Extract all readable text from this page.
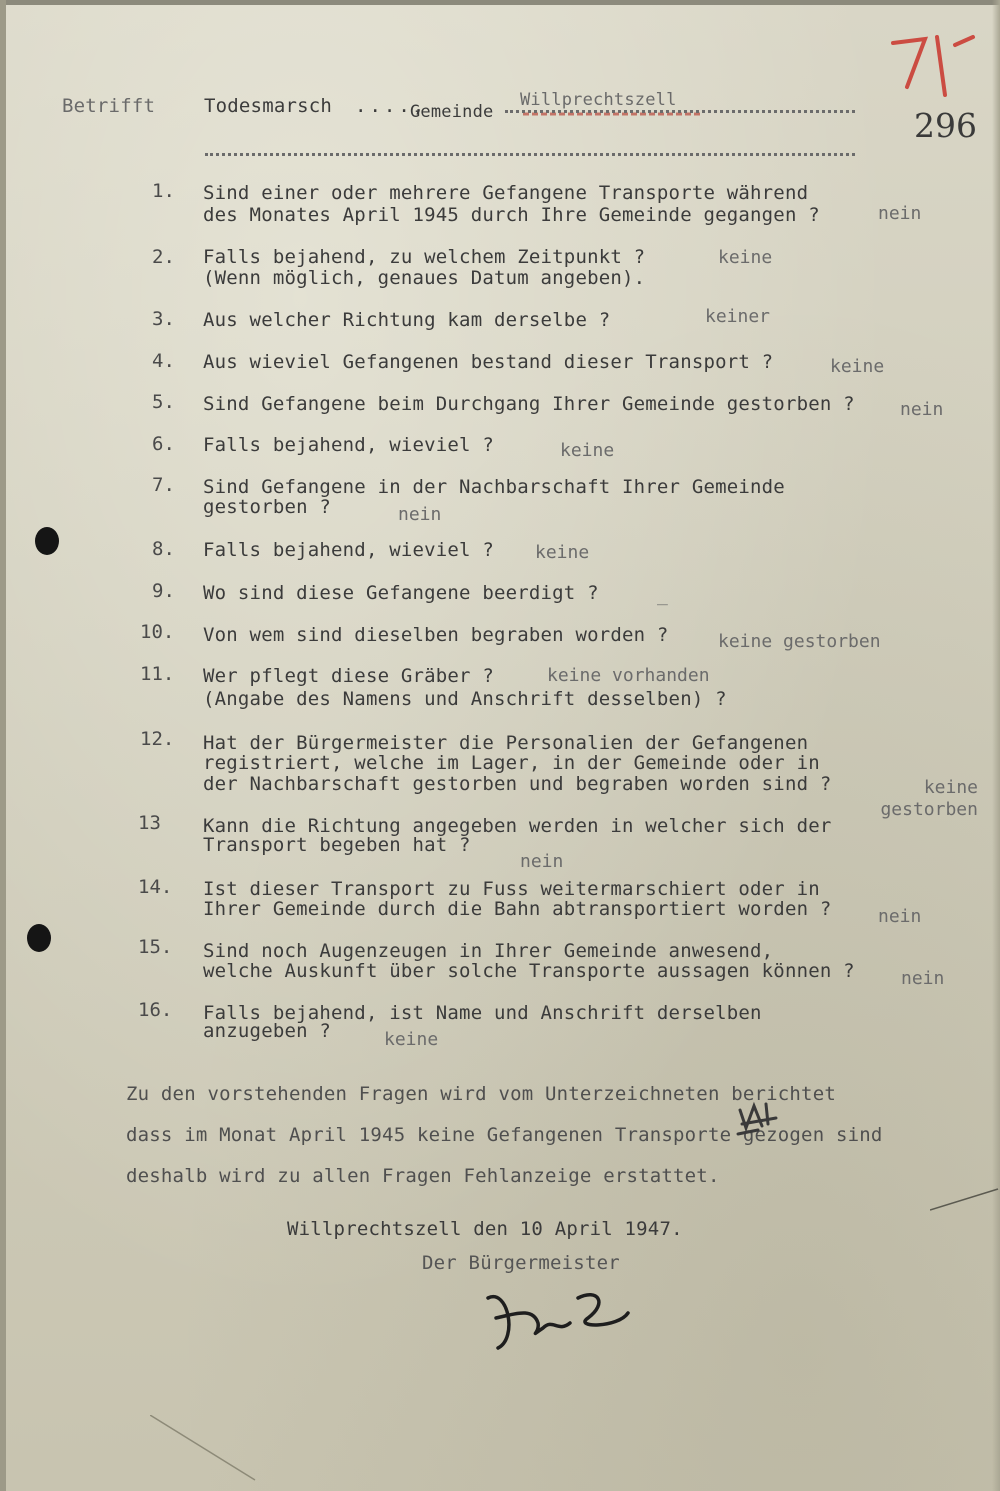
296
Betrifft	Todesmarsch ....,
Gemeinde
Willprechtszell
1. Sind einer oder mehrere Gefangene Transporte während
des Monates April 1945 durch Ihre Gemeinde gegangen ?	nein
2. Falls bejahend, zu welchem Zeitpunkt ?
(Wenn möglich, genaues Datum angeben).
keine
3. Aus welcher Richtung kam derselbe ?	keiner
4. Aus wieviel Gefangenen bestand dieser Transport ?	keine
5. Sind Gefangene beim Durchgang Ihrer Gemeinde gestorben ?	nein
6. Falls bejahend, wieviel ?	keine
7. Sind Gefangene in der Nachbarschaft Ihrer Gemeinde
gestorben ?	nein
8. Falls bejahend, wieviel ? keine
9. Wo sind diese Gefangene beerdigt ?	_
10. Von wem sind dieselben begraben worden ?	keine gestorben
11. Wer pflegt diese Gräber ?
(Angabe des Namens und Anschrift desselben) ?
keine vorhanden
12. Hat der Bürgermeister die Personalien der Gefangenen
registriert, welche im Lager, in der Gemeinde oder in
der Nachbarschaft gestorben und begraben worden sind ?	keine gestorben
13 Kann die Richtung angegeben werden in welcher sich der
Transport begeben hat ?
nein
14. Ist dieser Transport zu Fuss weitermarschiert oder in
Ihrer Gemeinde durch die Bahn abtransportiert worden ?	nein
15. Sind noch Augenzeugen in Ihrer Gemeinde anwesend,
welche Auskunft über solche Transporte aussagen können ?	nein
16. Falls bejahend, ist Name und Anschrift derselben
anzugeben ?	keine
Zu den vorstehenden Fragen wird vom Unterzeichneten berichtet
dass im Monat April 1945 keine Gefangenen Transporte gezogen sind
deshalb wird zu allen Fragen Fehlanzeige erstattet.
Willprechtszell den 10 April 1947.
Der Bürgermeister
